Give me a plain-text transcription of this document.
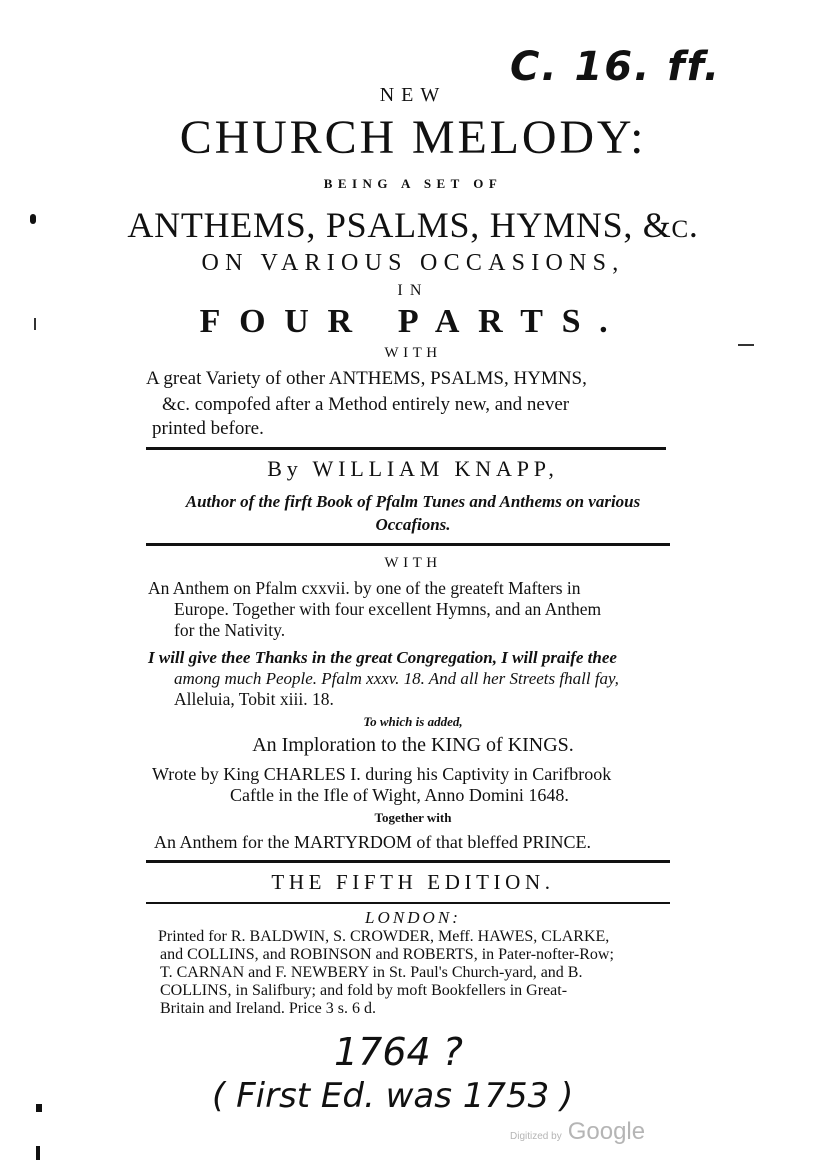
C. 16. ff.
NEW
CHURCH MELODY:
BEING A SET OF
ANTHEMS, PSALMS, HYMNS, &c.
ON VARIOUS OCCASIONS,
IN
FOUR PARTS.
WITH
A great Variety of other ANTHEMS, PSALMS, HYMNS,
&c. compofed after a Method entirely new, and never
printed before.
By WILLIAM KNAPP,
Author of the firft Book of Pfalm Tunes and Anthems on various
Occafions.
WITH
An Anthem on Pfalm cxxvii. by one of the greateft Mafters in
Europe. Together with four excellent Hymns, and an Anthem
for the Nativity.
I will give thee Thanks in the great Congregation, I will praife thee
among much People. Pfalm xxxv. 18. And all her Streets fhall fay,
Alleluia, Tobit xiii. 18.
To which is added,
An Imploration to the KING of KINGS.
Wrote by King CHARLES I. during his Captivity in Carifbrook
Caftle in the Ifle of Wight, Anno Domini 1648.
Together with
An Anthem for the MARTYRDOM of that bleffed PRINCE.
THE FIFTH EDITION.
LONDON:
Printed for R. BALDWIN, S. CROWDER, Meff. HAWES, CLARKE,
and COLLINS, and ROBINSON and ROBERTS, in Pater-nofter-Row;
T. CARNAN and F. NEWBERY in St. Paul's Church-yard, and B.
COLLINS, in Salifbury; and fold by moft Bookfellers in Great-
Britain and Ireland. Price 3 s. 6 d.
1764 ?
( First Ed. was 1753 )
Digitized by Google
